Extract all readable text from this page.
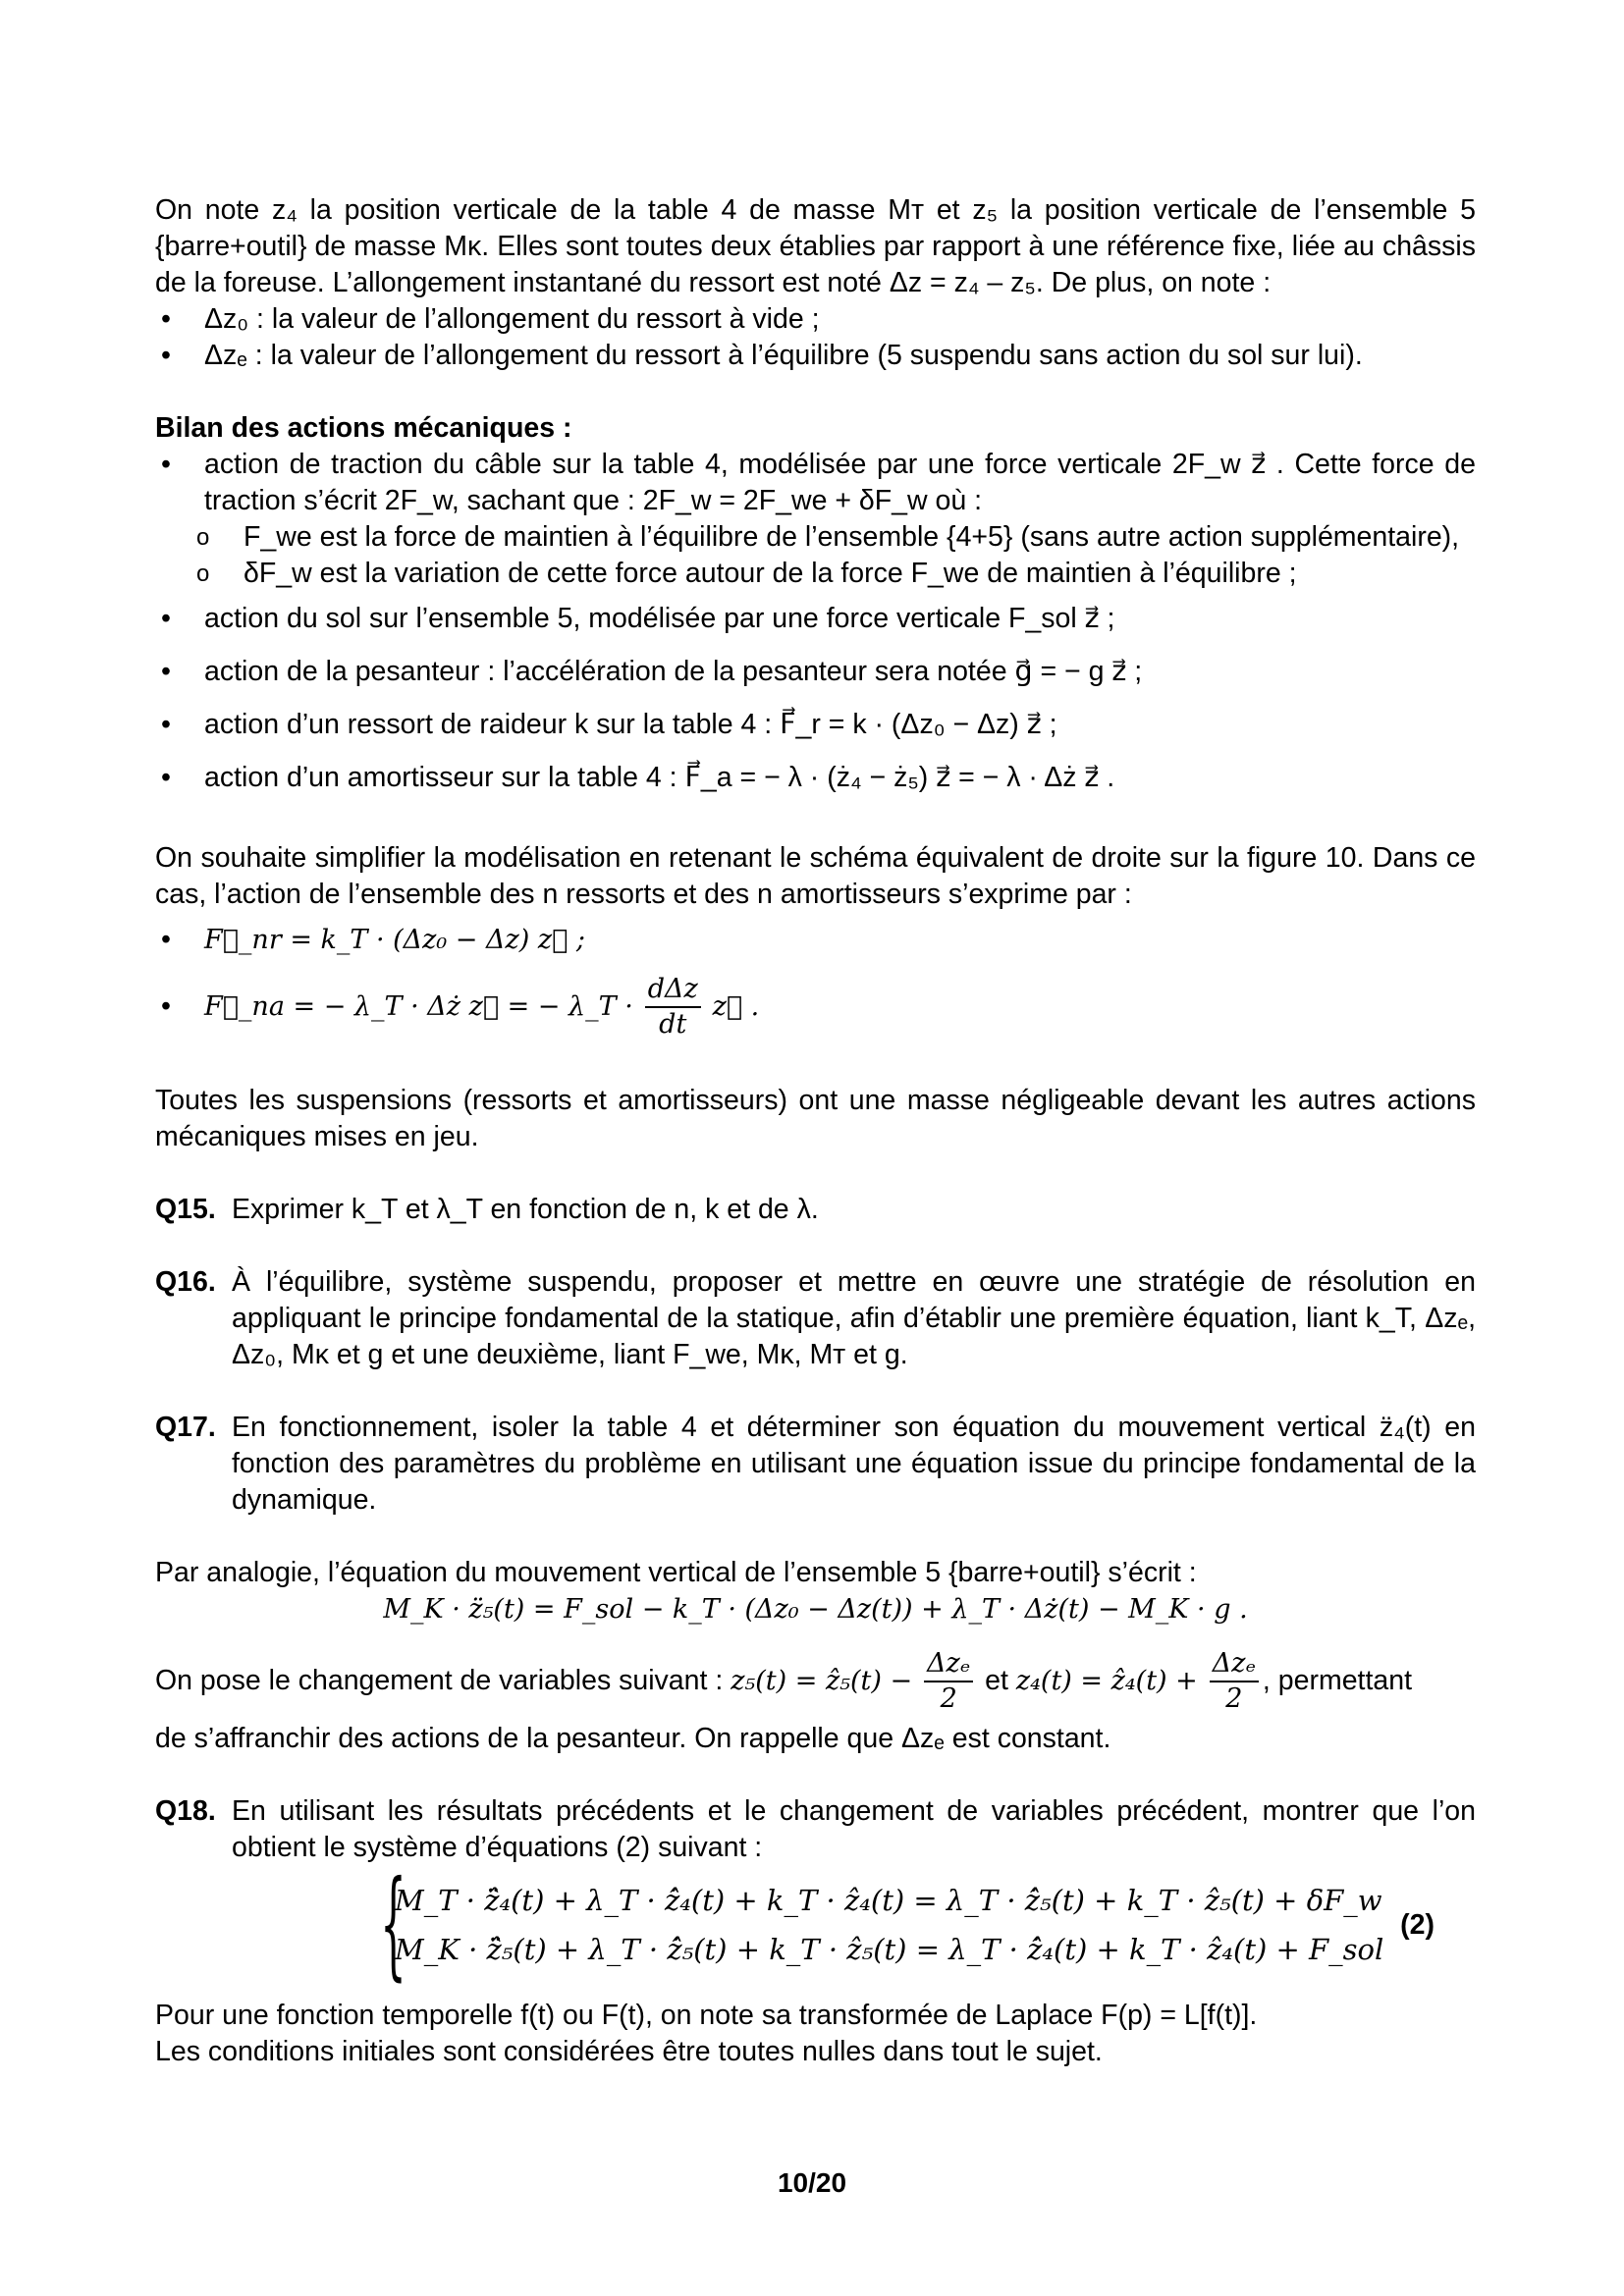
On note z₄ la position verticale de la table 4 de masse Mᴛ et z₅ la position verticale de l’ensemble 5 {barre+outil} de masse Mᴋ. Elles sont toutes deux établies par rapport à une référence fixe, liée au châssis de la foreuse. L’allongement instantané du ressort est noté Δz = z₄ – z₅. De plus, on note :

• Δz₀ : la valeur de l’allongement du ressort à vide ;
• Δzₑ : la valeur de l’allongement du ressort à l’équilibre (5 suspendu sans action du sol sur lui).

Bilan des actions mécaniques :

• action de traction du câble sur la table 4, modélisée par une force verticale 2F_w z⃗ . Cette force de traction s’écrit 2F_w, sachant que : 2F_w = 2F_we + δF_w où :
o F_we est la force de maintien à l’équilibre de l’ensemble {4+5} (sans autre action supplémentaire),
o δF_w est la variation de cette force autour de la force F_we de maintien à l’équilibre ;
• action du sol sur l’ensemble 5, modélisée par une force verticale F_sol z⃗ ;
• action de la pesanteur : l’accélération de la pesanteur sera notée g⃗ = − g z⃗ ;
• action d’un ressort de raideur k sur la table 4 : F⃗_r = k · (Δz₀ − Δz) z⃗ ;
• action d’un amortisseur sur la table 4 : F⃗_a = − λ · (ż₄ − ż₅) z⃗ = − λ · Δż z⃗ .

On souhaite simplifier la modélisation en retenant le schéma équivalent de droite sur la figure 10. Dans ce cas, l’action de l’ensemble des n ressorts et des n amortisseurs s’exprime par :

• F⃗_nr = k_T · (Δz₀ − Δz) z⃗ ;
• F⃗_na = − λ_T · Δż z⃗ = − λ_T · $\frac{\text{dΔz}}{dt}$ z⃗ .

Toutes les suspensions (ressorts et amortisseurs) ont une masse négligeable devant les autres actions mécaniques mises en jeu.

Q15. Exprimer k_T et λ_T en fonction de n, k et de λ.

Q16. À l’équilibre, système suspendu, proposer et mettre en œuvre une stratégie de résolution en appliquant le principe fondamental de la statique, afin d’établir une première équation, liant k_T, Δzₑ, Δz₀, Mᴋ et g et une deuxième, liant F_we, Mᴋ, Mᴛ et g.

Q17. En fonctionnement, isoler la table 4 et déterminer son équation du mouvement vertical z̈₄(t) en fonction des paramètres du problème en utilisant une équation issue du principe fondamental de la dynamique.

Par analogie, l’équation du mouvement vertical de l’ensemble 5 {barre+outil} s’écrit :

M_K · z̈₅(t) = F_sol − k_T · (Δz₀ − Δz(t)) + λ_T · Δż(t) − M_K · g .

On pose le changement de variables suivant : z₅(t) = ẑ₅(t) − $\frac{\text{Δzₑ}}{2}$ et z₄(t) = ẑ₄(t) + $\frac{\text{Δzₑ}}{2}$ , permettant

de s’affranchir des actions de la pesanteur. On rappelle que Δzₑ est constant.

Q18. En utilisant les résultats précédents et le changement de variables précédent, montrer que l’on obtient le système d’équations (2) suivant :

{
M_T · ẑ̈₄(t) + λ_T · ẑ̇₄(t) + k_T · ẑ₄(t) = λ_T · ẑ̇₅(t) + k_T · ẑ₅(t) + δF_w
M_K · ẑ̈₅(t) + λ_T · ẑ̇₅(t) + k_T · ẑ₅(t) = λ_T · ẑ̇₄(t) + k_T · ẑ₄(t) + F_sol
(2)

Pour une fonction temporelle f(t) ou F(t), on note sa transformée de Laplace F(p) = L[f(t)].

Les conditions initiales sont considérées être toutes nulles dans tout le sujet.

10/20
